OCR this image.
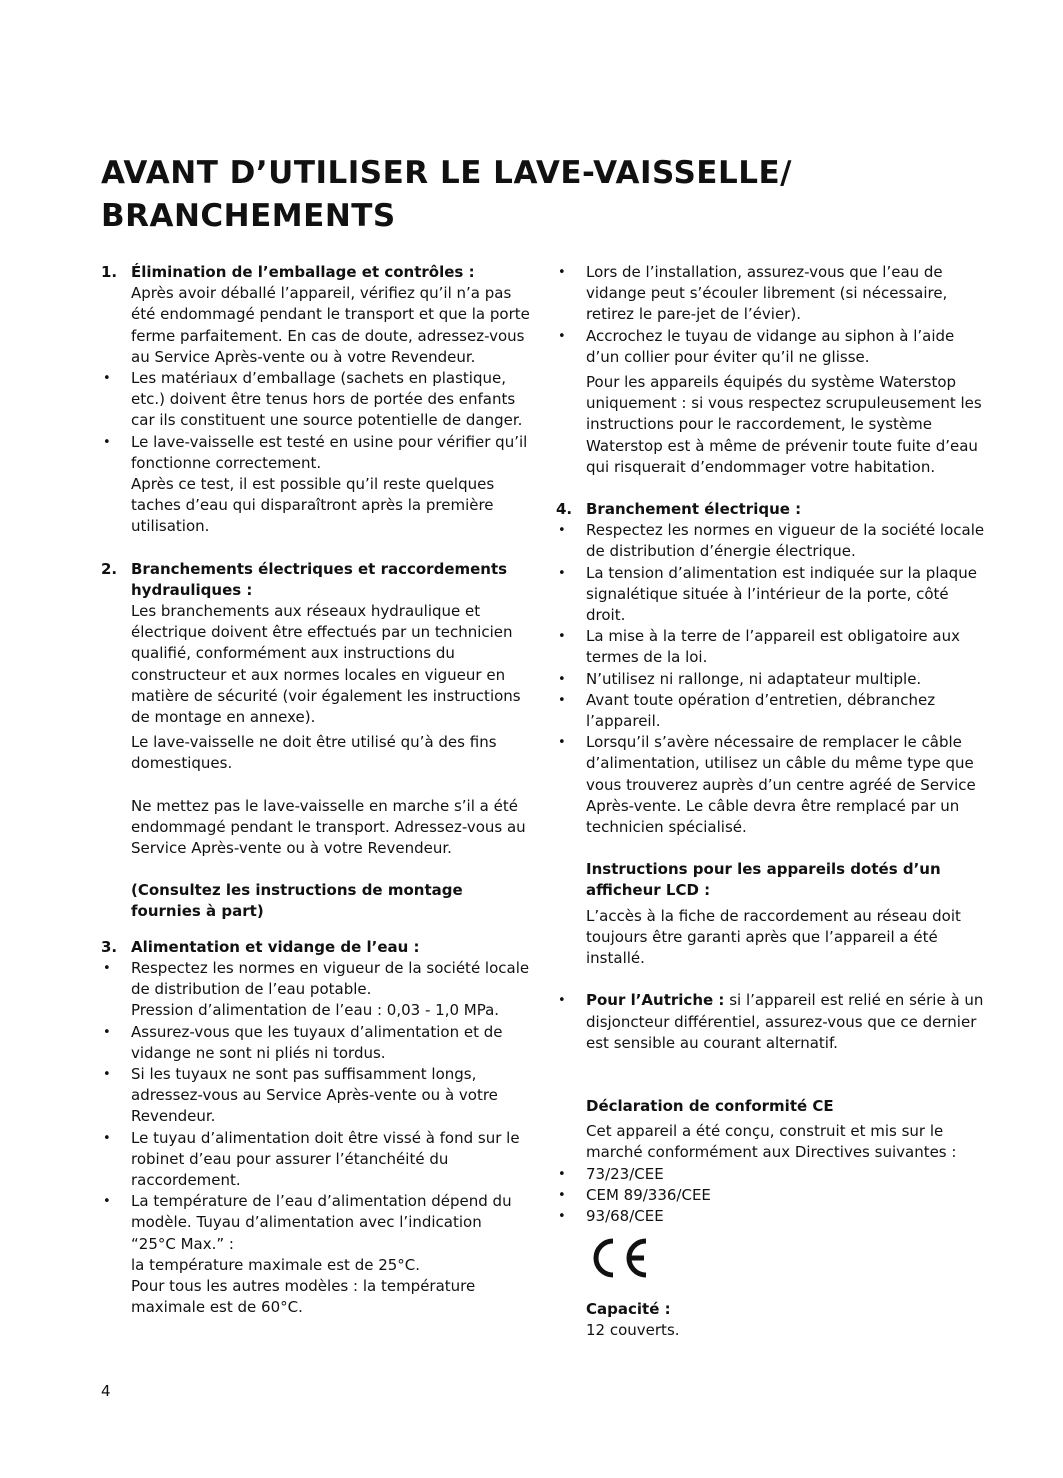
AVANT D’UTILISER LE LAVE-VAISSELLE/ BRANCHEMENTS
1. Élimination de l’emballage et contrôles :

Après avoir déballé l’appareil, vérifiez qu’il n’a pas été endommagé pendant le transport et que la porte ferme parfaitement. En cas de doute, adressez-vous au Service Après-vente ou à votre Revendeur.

•	Les matériaux d’emballage (sachets en plastique, etc.) doivent être tenus hors de portée des enfants car ils constituent une source potentielle de danger.
•	Le lave-vaisselle est testé en usine pour vérifier qu’il fonctionne correctement.

Après ce test, il est possible qu’il reste quelques taches d’eau qui disparaîtront après la première utilisation.

2. Branchements électriques et raccordements hydrauliques :

Les branchements aux réseaux hydraulique et électrique doivent être effectués par un technicien qualifié, conformément aux instructions du constructeur et aux normes locales en vigueur en matière de sécurité (voir également les instructions de montage en annexe).

Le lave-vaisselle ne doit être utilisé qu’à des fins domestiques.

Ne mettez pas le lave-vaisselle en marche s’il a été endommagé pendant le transport. Adressez-vous au Service Après-vente ou à votre Revendeur.

(Consultez les instructions de montage fournies à part)

3. Alimentation et vidange de l’eau :
•	Respectez les normes en vigueur de la société locale de distribution de l’eau potable.

Pression d’alimentation de l’eau : 0,03 - 1,0 MPa.

•	Assurez-vous que les tuyaux d’alimentation et de vidange ne sont ni pliés ni tordus.
•	Si les tuyaux ne sont pas suffisamment longs, adressez-vous au Service Après-vente ou à votre Revendeur.
•	Le tuyau d’alimentation doit être vissé à fond sur le robinet d’eau pour assurer l’étanchéité du raccordement.
•	La température de l’eau d’alimentation dépend du modèle. Tuyau d’alimentation avec l’indication “25°C Max.” :

la température maximale est de 25°C.

Pour tous les autres modèles : la température maximale est de 60°C.

•	Lors de l’installation, assurez-vous que l’eau de vidange peut s’écouler librement (si nécessaire, retirez le pare-jet de l’évier).
•	Accrochez le tuyau de vidange au siphon à l’aide d’un collier pour éviter qu’il ne glisse.

Pour les appareils équipés du système Waterstop uniquement : si vous respectez scrupuleusement les instructions pour le raccordement, le système Waterstop est à même de prévenir toute fuite d’eau qui risquerait d’endommager votre habitation.

4. Branchement électrique :
•	Respectez les normes en vigueur de la société locale de distribution d’énergie électrique.
•	La tension d’alimentation est indiquée sur la plaque signalétique située à l’intérieur de la porte, côté droit.
•	La mise à la terre de l’appareil est obligatoire aux termes de la loi.
•	N’utilisez ni rallonge, ni adaptateur multiple.
•	Avant toute opération d’entretien, débranchez l’appareil.
•	Lorsqu’il s’avère nécessaire de remplacer le câble d’alimentation, utilisez un câble du même type que vous trouverez auprès d’un centre agréé de Service Après-vente. Le câble devra être remplacé par un technicien spécialisé.

Instructions pour les appareils dotés d’un afficheur LCD :

L’accès à la fiche de raccordement au réseau doit toujours être garanti après que l’appareil a été installé.

•	Pour l’Autriche : si l’appareil est relié en série à un disjoncteur différentiel, assurez-vous que ce dernier est sensible au courant alternatif.

Déclaration de conformité CE

Cet appareil a été conçu, construit et mis sur le marché conformément aux Directives suivantes :

•	73/23/CEE
•	CEM 89/336/CEE
•	93/68/CEE

Capacité :

12 couverts.

4
